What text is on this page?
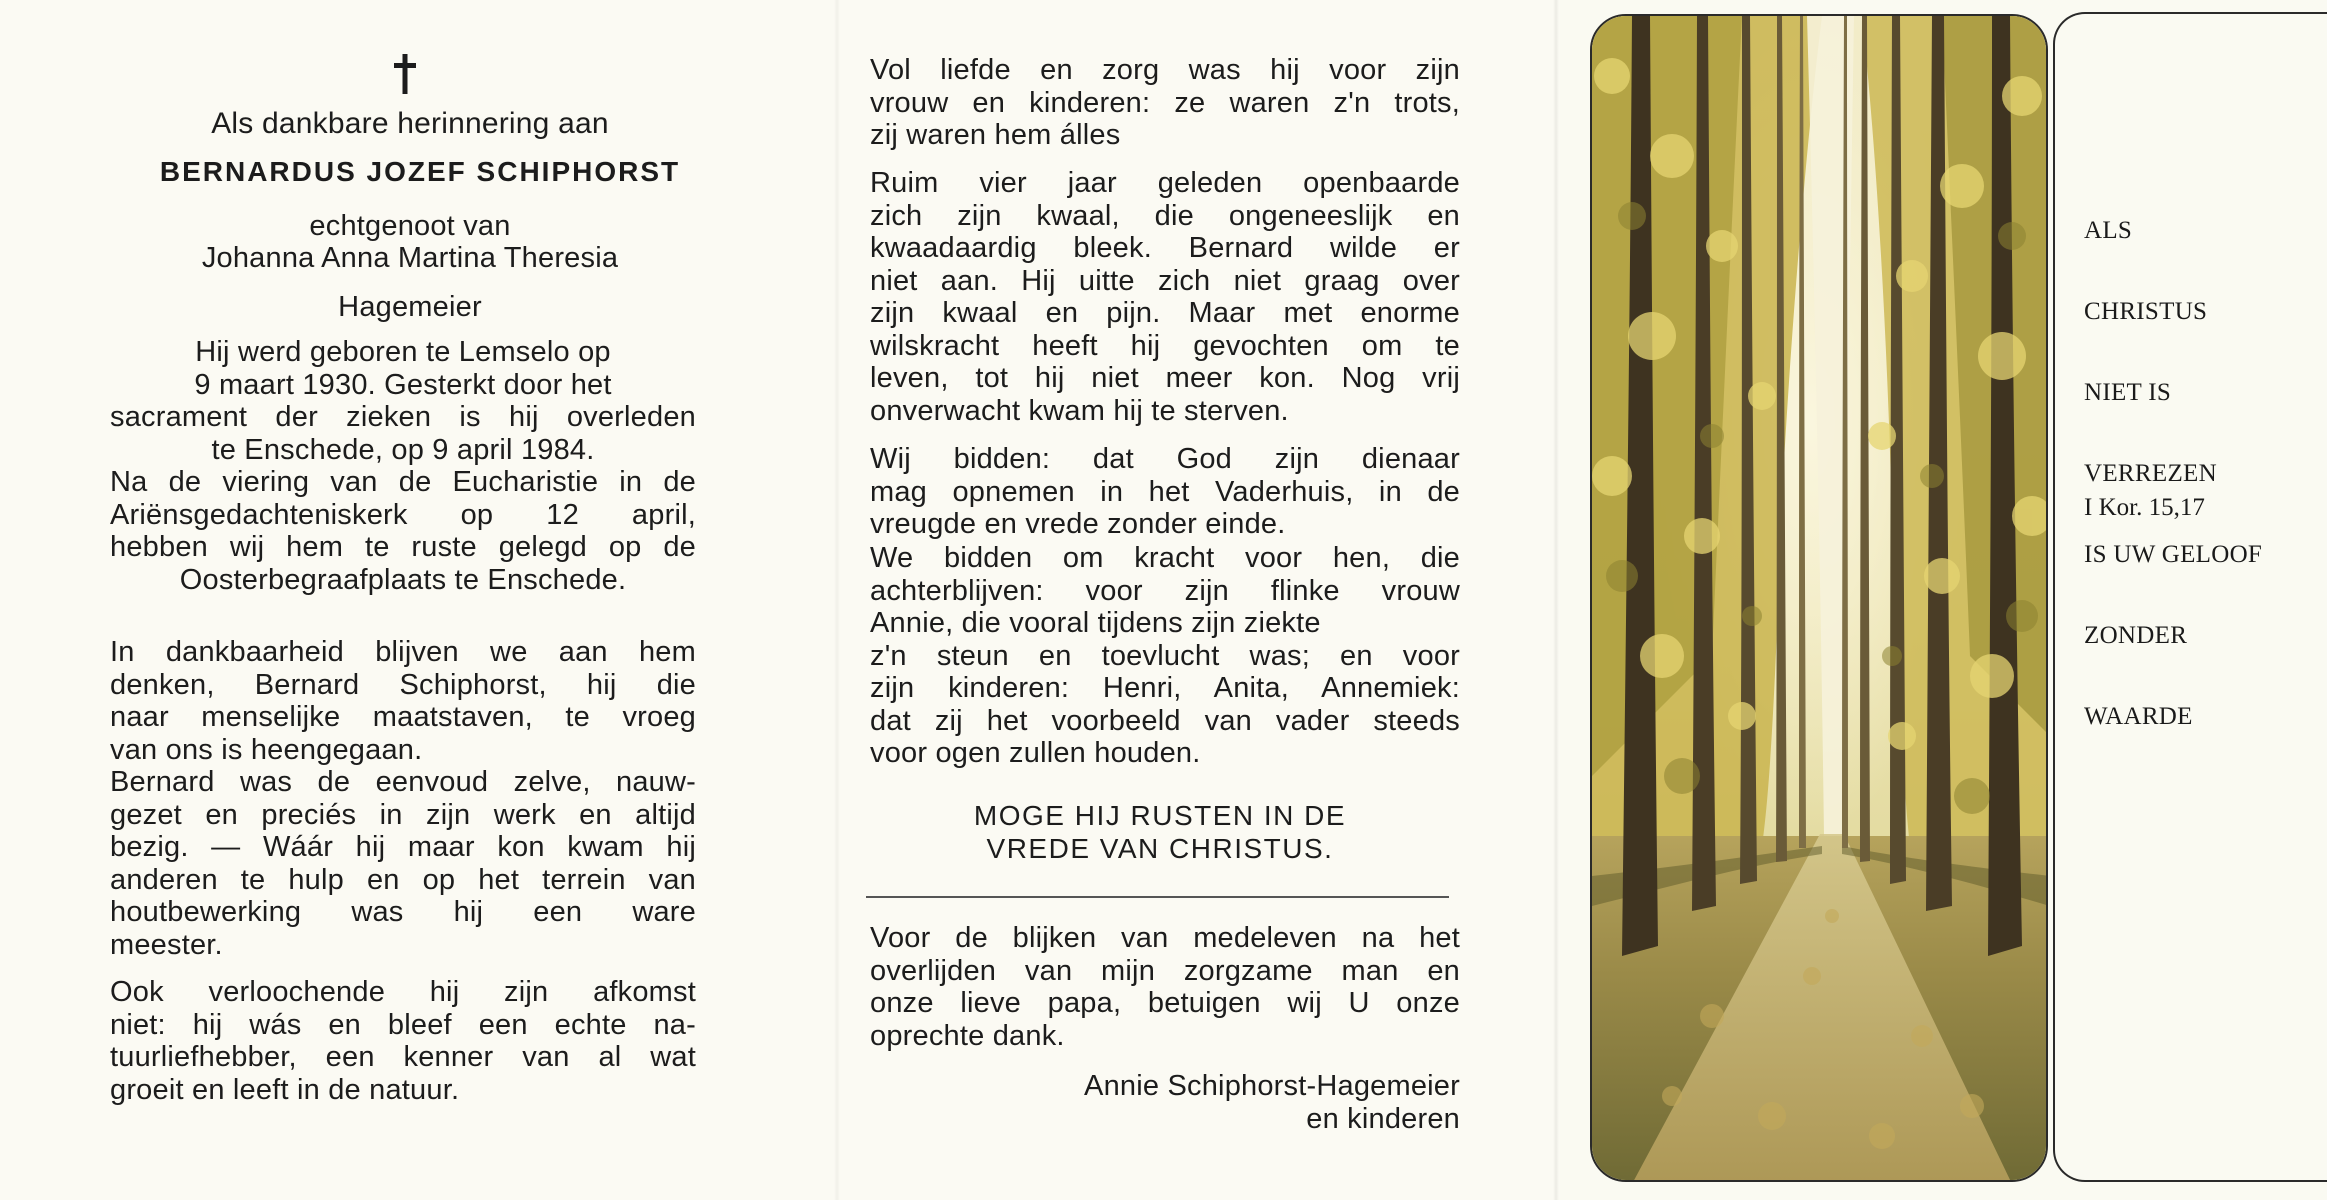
Als dankbare herinnering aan

BERNARDUS JOZEF SCHIPHORST

echtgenoot van

Johanna Anna Martina Theresia

Hagemeier

Hij werd geboren te Lemselo op
9 maart 1930. Gesterkt door het
sacrament der zieken is hij overleden
te Enschede, op 9 april 1984.
Na de viering van de Eucharistie in de
Ariënsgedachteniskerk op 12 april,
hebben wij hem te ruste gelegd op de
Oosterbegraafplaats te Enschede.
In dankbaarheid blijven we aan hem
denken, Bernard Schiphorst, hij die
naar menselijke maatstaven, te vroeg
van ons is heengegaan.
Bernard was de eenvoud zelve, nauw-
gezet en preciés in zijn werk en altijd
bezig. — Wáár hij maar kon kwam hij
anderen te hulp en op het terrein van
houtbewerking was hij een ware
meester.
Ook verloochende hij zijn afkomst
niet: hij wás en bleef een echte na-
tuurliefhebber, een kenner van al wat
groeit en leeft in de natuur.
Vol liefde en zorg was hij voor zijn
vrouw en kinderen: ze waren z'n trots,
zij waren hem álles
Ruim vier jaar geleden openbaarde
zich zijn kwaal, die ongeneeslijk en
kwaadaardig bleek. Bernard wilde er
niet aan. Hij uitte zich niet graag over
zijn kwaal en pijn. Maar met enorme
wilskracht heeft hij gevochten om te
leven, tot hij niet meer kon. Nog vrij
onverwacht kwam hij te sterven.
Wij bidden: dat God zijn dienaar
mag opnemen in het Vaderhuis, in de
vreugde en vrede zonder einde.
We bidden om kracht voor hen, die
achterblijven: voor zijn flinke vrouw
Annie, die vooral tijdens zijn ziekte
z'n steun en toevlucht was; en voor
zijn kinderen: Henri, Anita, Annemiek:
dat zij het voorbeeld van vader steeds
voor ogen zullen houden.
MOGE HIJ RUSTEN IN DE
VREDE VAN CHRISTUS.
Voor de blijken van medeleven na het
overlijden van mijn zorgzame man en
onze lieve papa, betuigen wij U onze
oprechte dank.
Annie Schiphorst-Hagemeier
en kinderen

ALS

CHRISTUS

NIET IS

VERREZEN

IS UW GELOOF

ZONDER

WAARDE

I Kor. 15,17
